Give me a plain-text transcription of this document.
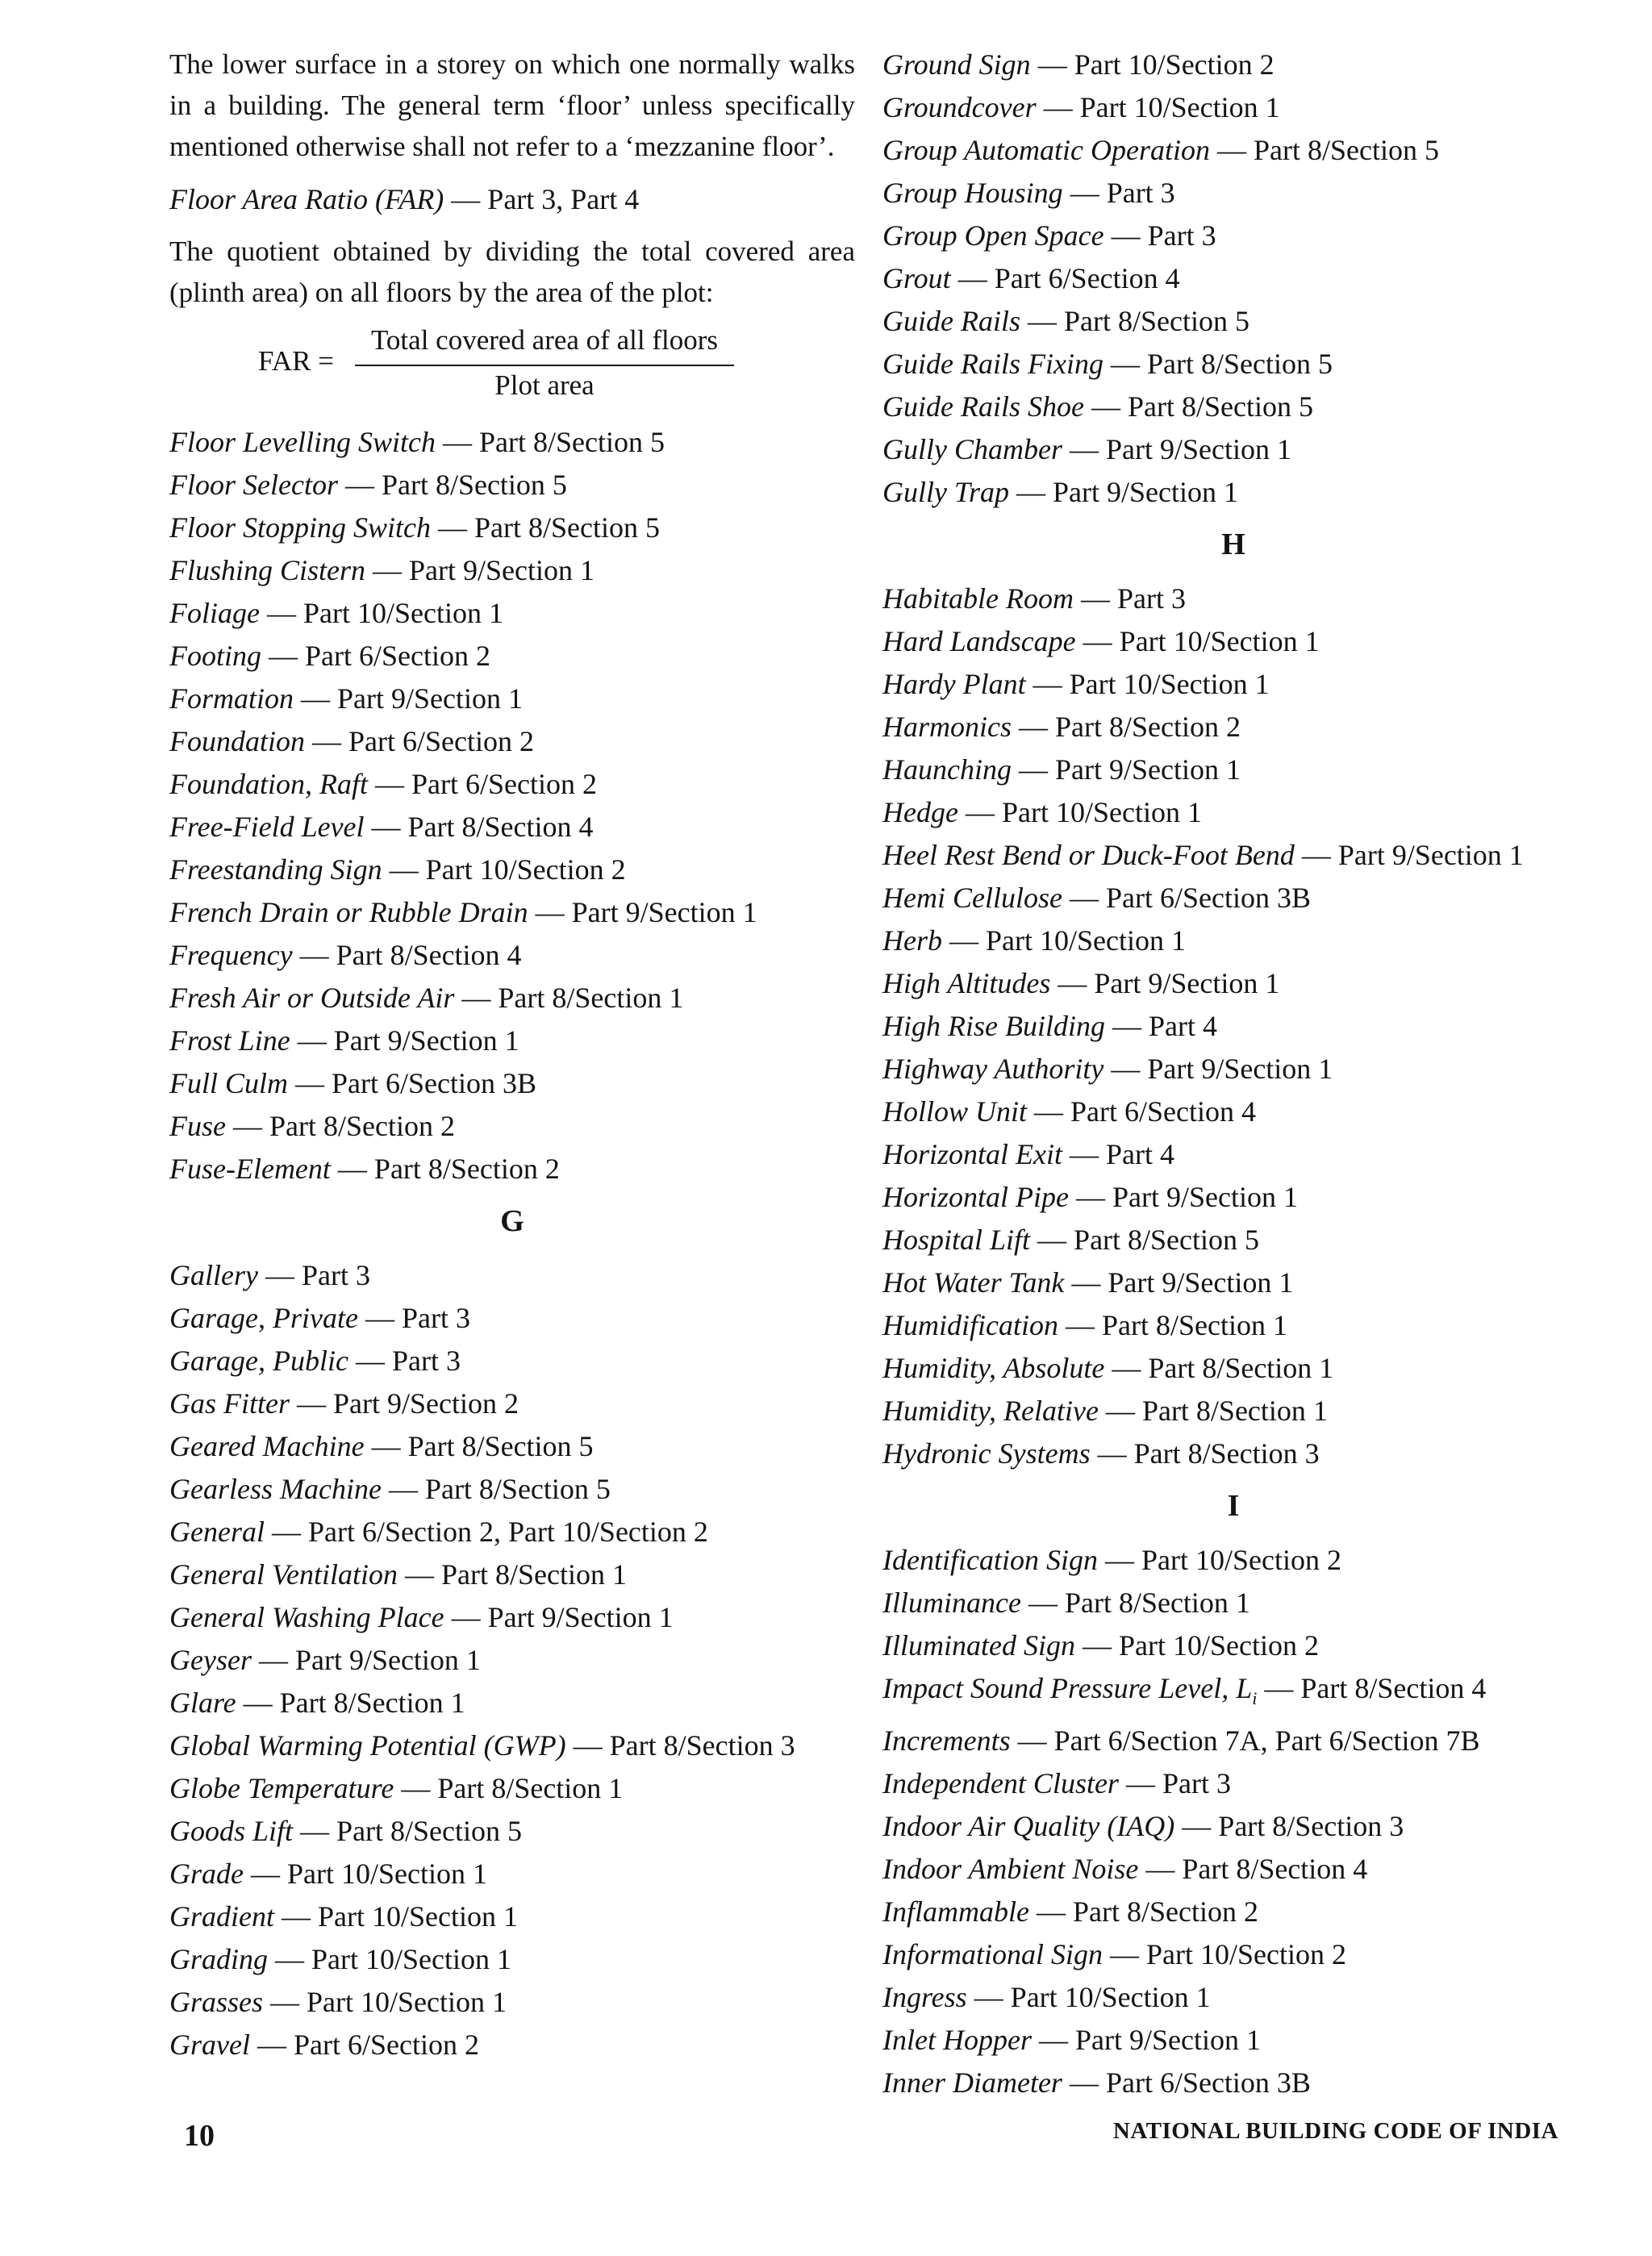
The lower surface in a storey on which one normally walks in a building. The general term ‘floor’ unless specifically mentioned otherwise shall not refer to a ‘mezzanine floor’.

Floor Area Ratio (FAR) — Part 3, Part 4

The quotient obtained by dividing the total covered area (plinth area) on all floors by the area of the plot:

FAR =
Total covered area of all floors
Plot area
Floor Levelling Switch — Part 8/Section 5
Floor Selector — Part 8/Section 5
Floor Stopping Switch — Part 8/Section 5
Flushing Cistern — Part 9/Section 1
Foliage — Part 10/Section 1
Footing — Part 6/Section 2
Formation — Part 9/Section 1
Foundation — Part 6/Section 2
Foundation, Raft — Part 6/Section 2
Free-Field Level — Part 8/Section 4
Freestanding Sign — Part 10/Section 2
French Drain or Rubble Drain — Part 9/Section 1
Frequency — Part 8/Section 4
Fresh Air or Outside Air — Part 8/Section 1
Frost Line — Part 9/Section 1
Full Culm — Part 6/Section 3B
Fuse — Part 8/Section 2
Fuse-Element — Part 8/Section 2
G
Gallery — Part 3
Garage, Private — Part 3
Garage, Public — Part 3
Gas Fitter — Part 9/Section 2
Geared Machine — Part 8/Section 5
Gearless Machine — Part 8/Section 5
General — Part 6/Section 2, Part 10/Section 2
General Ventilation — Part 8/Section 1
General Washing Place — Part 9/Section 1
Geyser — Part 9/Section 1
Glare — Part 8/Section 1
Global Warming Potential (GWP) — Part 8/Section 3
Globe Temperature — Part 8/Section 1
Goods Lift — Part 8/Section 5
Grade — Part 10/Section 1
Gradient — Part 10/Section 1
Grading — Part 10/Section 1
Grasses — Part 10/Section 1
Gravel — Part 6/Section 2
Ground Sign — Part 10/Section 2
Groundcover — Part 10/Section 1
Group Automatic Operation — Part 8/Section 5
Group Housing — Part 3
Group Open Space — Part 3
Grout — Part 6/Section 4
Guide Rails — Part 8/Section 5
Guide Rails Fixing — Part 8/Section 5
Guide Rails Shoe — Part 8/Section 5
Gully Chamber — Part 9/Section 1
Gully Trap — Part 9/Section 1
H
Habitable Room — Part 3
Hard Landscape — Part 10/Section 1
Hardy Plant — Part 10/Section 1
Harmonics — Part 8/Section 2
Haunching — Part 9/Section 1
Hedge — Part 10/Section 1
Heel Rest Bend or Duck-Foot Bend — Part 9/Section 1
Hemi Cellulose — Part 6/Section 3B
Herb — Part 10/Section 1
High Altitudes — Part 9/Section 1
High Rise Building — Part 4
Highway Authority — Part 9/Section 1
Hollow Unit — Part 6/Section 4
Horizontal Exit — Part 4
Horizontal Pipe — Part 9/Section 1
Hospital Lift — Part 8/Section 5
Hot Water Tank — Part 9/Section 1
Humidification — Part 8/Section 1
Humidity, Absolute — Part 8/Section 1
Humidity, Relative — Part 8/Section 1
Hydronic Systems — Part 8/Section 3
I
Identification Sign — Part 10/Section 2
Illuminance — Part 8/Section 1
Illuminated Sign — Part 10/Section 2
Impact Sound Pressure Level, $L_i$ — Part 8/Section 4
Increments — Part 6/Section 7A, Part 6/Section 7B
Independent Cluster — Part 3
Indoor Air Quality (IAQ) — Part 8/Section 3
Indoor Ambient Noise — Part 8/Section 4
Inflammable — Part 8/Section 2
Informational Sign — Part 10/Section 2
Ingress — Part 10/Section 1
Inlet Hopper — Part 9/Section 1
Inner Diameter — Part 6/Section 3B
10	NATIONAL BUILDING CODE OF INDIA
